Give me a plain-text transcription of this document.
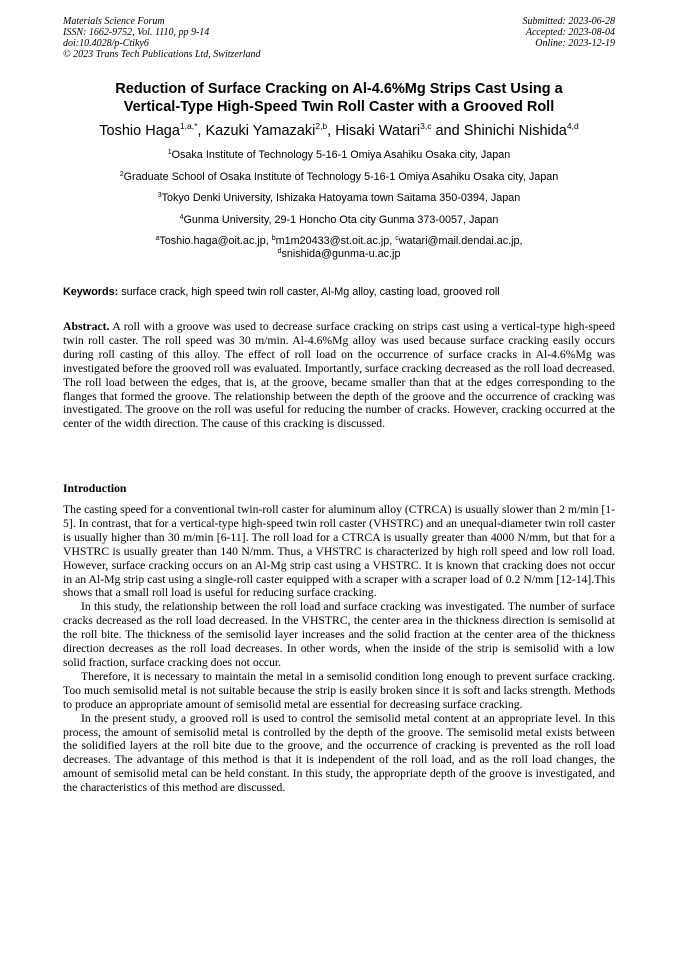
Materials Science Forum
ISSN: 1662-9752, Vol. 1110, pp 9-14
doi:10.4028/p-Ctiky6
© 2023 Trans Tech Publications Ltd, Switzerland
Submitted: 2023-06-28
Accepted: 2023-08-04
Online: 2023-12-19
Reduction of Surface Cracking on Al-4.6%Mg Strips Cast Using a
Vertical-Type High-Speed Twin Roll Caster with a Grooved Roll
Toshio Haga$^{1,a,*}$, Kazuki Yamazaki$^{2,b}$, Hisaki Watari$^{3,c}$ and Shinichi Nishida$^{4,d}$
$^1$Osaka Institute of Technology 5-16-1 Omiya Asahiku Osaka city, Japan
$^2$Graduate School of Osaka Institute of Technology 5-16-1 Omiya Asahiku Osaka city, Japan
$^3$Tokyo Denki University, Ishizaka Hatoyama town Saitama 350-0394, Japan
$^4$Gunma University, 29-1 Honcho Ota city Gunma 373-0057, Japan
$^a$Toshio.haga@oit.ac.jp, $^b$m1m20433@st.oit.ac.jp, $^c$watari@mail.dendai.ac.jp,
$^d$snishida@gunma-u.ac.jp
Keywords: surface crack, high speed twin roll caster, Al-Mg alloy, casting load, grooved roll
Abstract. A roll with a groove was used to decrease surface cracking on strips cast using a vertical-type high-speed twin roll caster. The roll speed was 30 m/min. Al-4.6%Mg alloy was used because surface cracking easily occurs during roll casting of this alloy. The effect of roll load on the occurrence of surface cracks in Al-4.6%Mg was investigated before the grooved roll was evaluated. Importantly, surface cracking decreased as the roll load decreased. The roll load between the edges, that is, at the groove, became smaller than that at the edges corresponding to the flanges that formed the groove. The relationship between the depth of the groove and the occurrence of cracking was investigated. The groove on the roll was useful for reducing the number of cracks. However, cracking occurred at the center of the width direction. The cause of this cracking is discussed.
Introduction

The casting speed for a conventional twin-roll caster for aluminum alloy (CTRCA) is usually slower than 2 m/min [1-5]. In contrast, that for a vertical-type high-speed twin roll caster (VHSTRC) and an unequal-diameter twin roll caster is usually higher than 30 m/min [6-11]. The roll load for a CTRCA is usually greater than 4000 N/mm, but that for a VHSTRC is usually greater than 140 N/mm. Thus, a VHSTRC is characterized by high roll speed and low roll load. However, surface cracking occurs on an Al-Mg strip cast using a VHSTRC. It is known that cracking does not occur in an Al-Mg strip cast using a single-roll caster equipped with a scraper with a scraper load of 0.2 N/mm [12-14].This shows that a small roll load is useful for reducing surface cracking.

In this study, the relationship between the roll load and surface cracking was investigated. The number of surface cracks decreased as the roll load decreased. In the VHSTRC, the center area in the thickness direction is semisolid at the roll bite. The thickness of the semisolid layer increases and the solid fraction at the center area of the thickness direction decreases as the roll load decreases. In other words, when the inside of the strip is semisolid with a low solid fraction, surface cracking does not occur.

Therefore, it is necessary to maintain the metal in a semisolid condition long enough to prevent surface cracking. Too much semisolid metal is not suitable because the strip is easily broken since it is soft and lacks strength. Methods to produce an appropriate amount of semisolid metal are essential for decreasing surface cracking.

In the present study, a grooved roll is used to control the semisolid metal content at an appropriate level. In this process, the amount of semisolid metal is controlled by the depth of the groove. The semisolid metal exists between the solidified layers at the roll bite due to the groove, and the occurrence of cracking is prevented as the roll load decreases. The advantage of this method is that it is independent of the roll load, and as the roll load changes, the amount of semisolid metal can be held constant. In this study, the appropriate depth of the groove is investigated, and the characteristics of this method are discussed.
